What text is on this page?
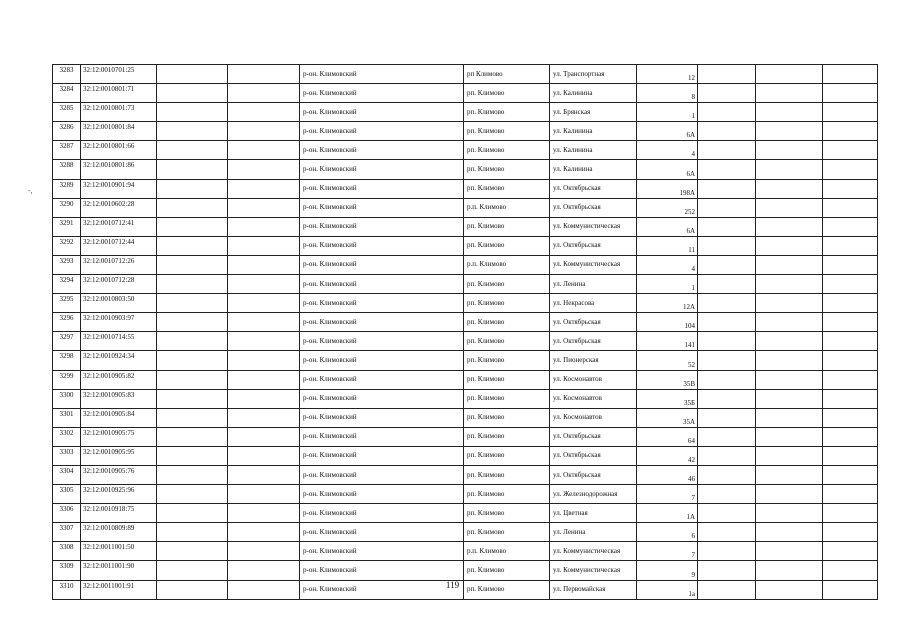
-,
3283	32:12:0010701:25			р-он. Климовский	рп Климово	ул. Транспортная	12			
3284	32:12:0010801:71			р-он. Климовский	рп. Климово	ул. Калинина	8			
3285	32:12:0010801:73			р-он. Климовский	рп. Климово	ул. Брянская	1			
3286	32:12:0010801:84			р-он. Климовский	рп. Климово	ул. Калинина	6А			
3287	32:12:0010801:66			р-он. Климовский	рп. Климово	ул. Калинина	4			
3288	32:12:0010801:86			р-он. Климовский	рп. Климово	ул. Калинина	6А			
3289	32:12:0010901:94			р-он. Климовский	рп. Климово	ул. Октябрьская	198А			
3290	32:12:0010602:28			р-он. Климовский	р.п. Климово	ул. Октябрьская	252			
3291	32:12:0010712:41			р-он. Климовский	рп. Климово	ул. Коммунистическая	6А			
3292	32:12:0010712:44			р-он. Климовский	рп. Климово	ул. Октябрьская	11			
3293	32:12:0010712:26			р-он. Климовский	р.п. Климово	ул. Коммунистическая	4			
3294	32:12:0010712:28			р-он. Климовский	рп. Климово	ул. Ленина	1			
3295	32:12:0010803:50			р-он. Климовский	рп. Климово	ул. Некрасова	12А			
3296	32:12:0010903:97			р-он. Климовский	рп. Климово	ул. Октябрьская	104			
3297	32:12:0010714:55			р-он. Климовский	рп. Климово	ул. Октябрьская	141			
3298	32:12:0010924:34			р-он. Климовский	рп. Климово	ул. Пионерская	52			
3299	32:12:0010905:82			р-он. Климовский	рп. Климово	ул. Космонавтов	35В			
3300	32:12:0010905:83			р-он. Климовский	рп. Климово	ул. Космонавтов	35Б			
3301	32:12:0010905:84			р-он. Климовский	рп. Климово	ул. Космонавтов	35А			
3302	32:12:0010905:75			р-он. Климовский	рп. Климово	ул. Октябрьская	64			
3303	32:12:0010905:95			р-он. Климовский	рп. Климово	ул. Октябрьская	42			
3304	32:12:0010905:76			р-он. Климовский	рп. Климово	ул. Октябрьская	46			
3305	32:12:0010925:96			р-он. Климовский	рп. Климово	ул. Железнодорожная	7			
3306	32:12:0010918:75			р-он. Климовский	рп. Климово	ул. Цветная	1А			
3307	32:12:0010809:89			р-он. Климовский	рп. Климово	ул. Ленина	6			
3308	32:12:0011001:50			р-он. Климовский	р.п. Климово	ул. Коммунистическая	7			
3309	32:12:0011001:90			р-он. Климовский	рп. Климово	ул. Коммунистическая	9			
3310	32:12:0011001:91			р-он. Климовский	рп. Климово	ул. Первомайская	1а			
119
